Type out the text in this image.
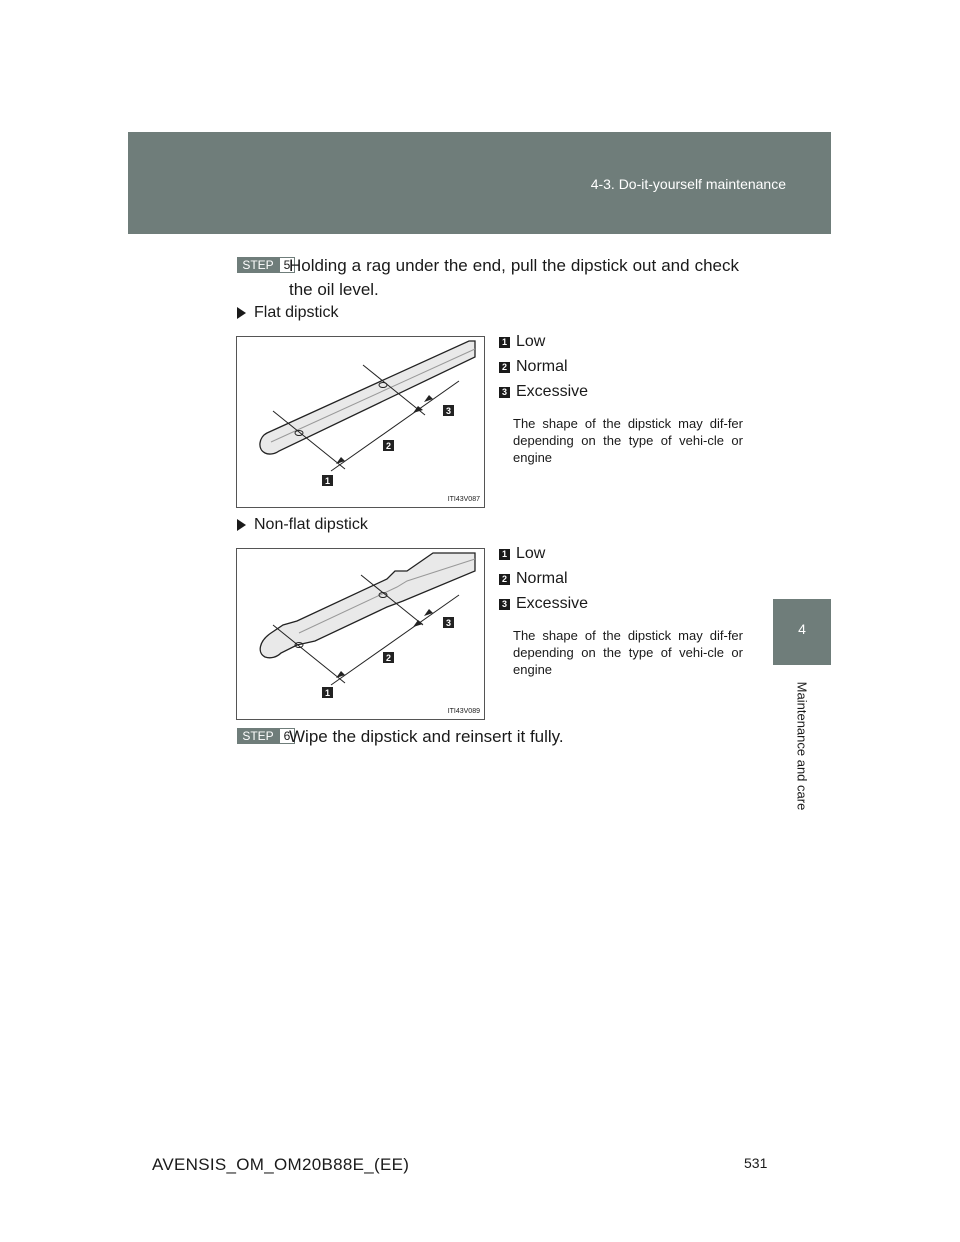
4-3. Do-it-yourself maintenance
4
Maintenance and care
STEP 5
Holding a rag under the end, pull the dipstick out and check the oil level.
Flat dipstick
1
2
3
ITI43V087
1 Low
2 Normal
3 Excessive
The shape of the dipstick may dif-fer depending on the type of vehi-cle or engine
Non-flat dipstick
1
2
3
ITI43V089
1 Low
2 Normal
3 Excessive
The shape of the dipstick may dif-fer depending on the type of vehi-cle or engine
STEP 6
Wipe the dipstick and reinsert it fully.
531
AVENSIS_OM_OM20B88E_(EE)
